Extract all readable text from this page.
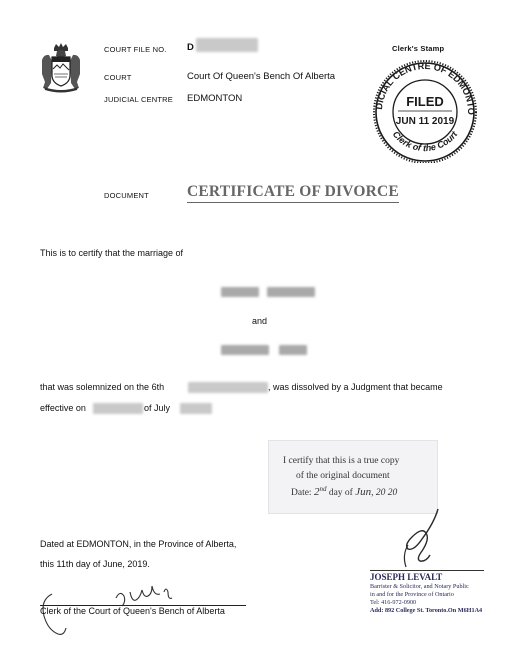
COURT FILE NO. D
COURT	Court Of Queen's Bench Of Alberta
JUDICIAL CENTRE EDMONTON
Clerk's Stamp
DICIAL CENTRE OF EDMONTO
Clerk of the Court
FILED
JUN 11 2019
DOCUMENT CERTIFICATE OF DIVORCE
This is to certify that the marriage of
and
that was solemnized on the 6th	, was dissolved by a Judgment that became
effective on	of July
I certify that this is a true copy
of the original document
Date: 2nd day of Jun, 20 20
Dated at EDMONTON, in the Province of Alberta,
this 11th day of June, 2019.
Clerk of the Court of Queen's Bench of Alberta
JOSEPH LEVALT
Barrister & Solicitor, and Notary Public
in and for the Province of Ontario
Tel: 416-972-0900
Add: 892 College St. Toronto.On M6H1A4
